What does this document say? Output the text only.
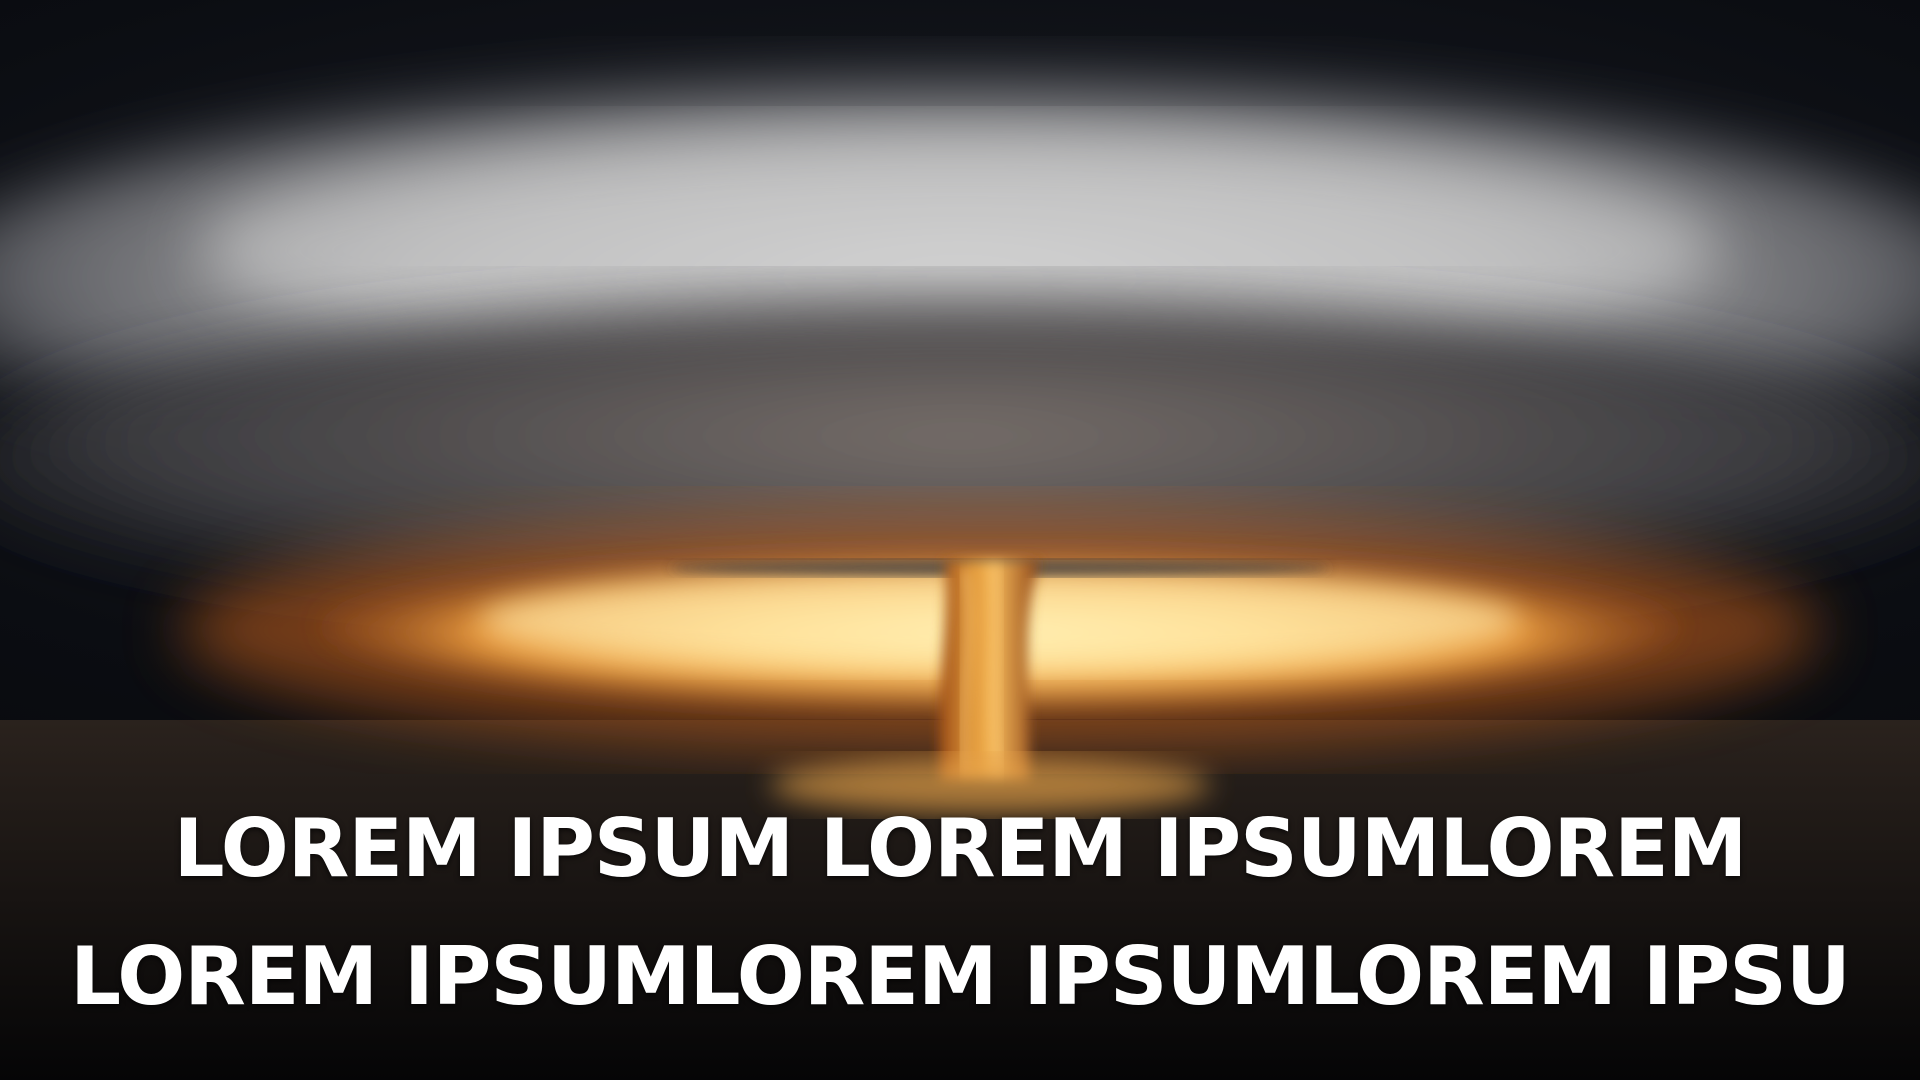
LOREM IPSUM LOREM IPSUMLOREM
LOREM IPSUMLOREM IPSUMLOREM IPSU
